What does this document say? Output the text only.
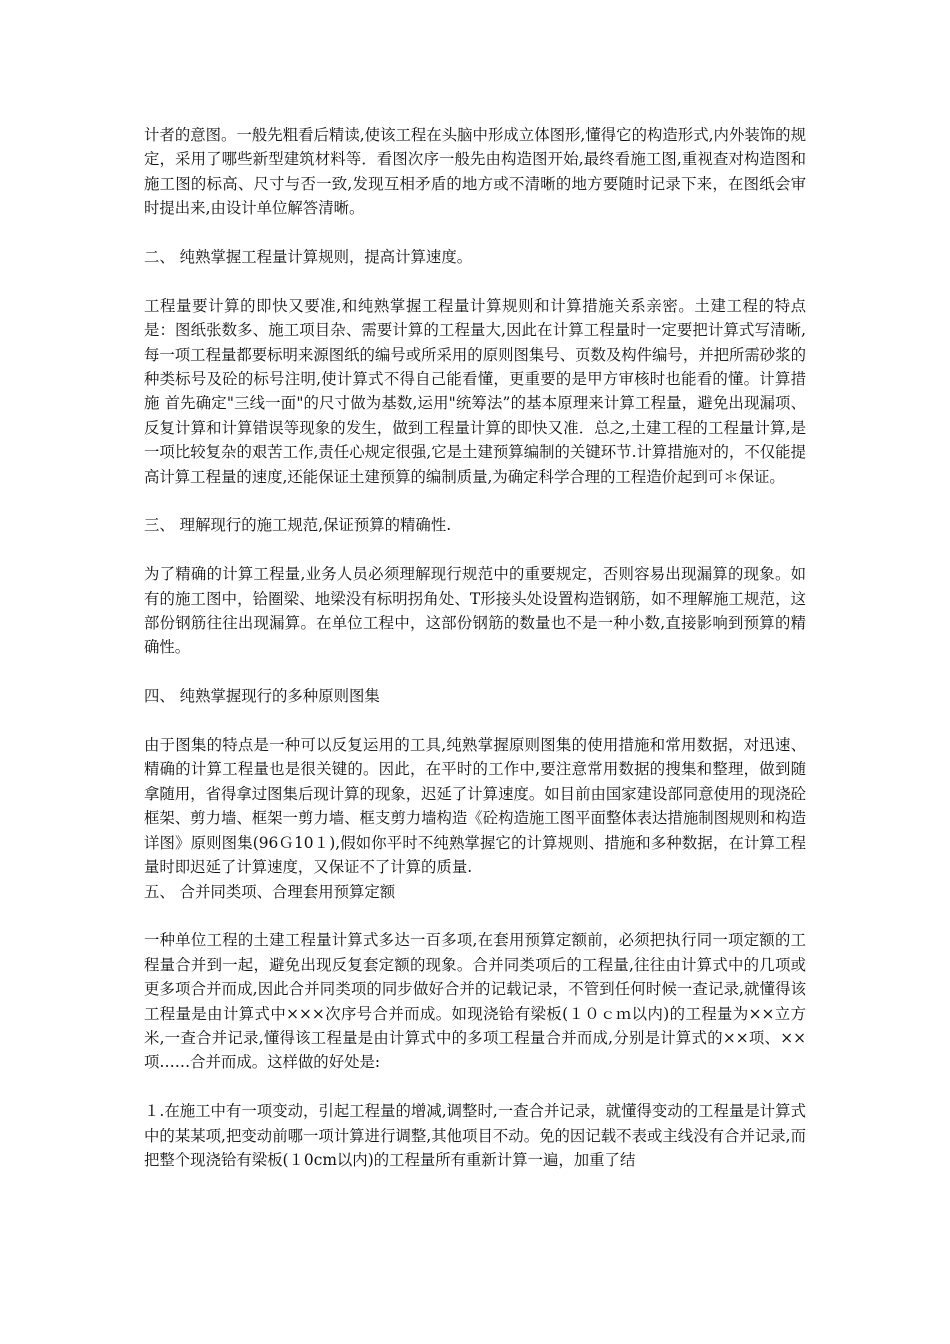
计者的意图。一般先粗看后精读,使该工程在头脑中形成立体图形,懂得它的构造形式,内外装饰的规定，采用了哪些新型建筑材料等．看图次序一般先由构造图开始,最终看施工图,重视查对构造图和施工图的标高、尺寸与否一致,发现互相矛盾的地方或不清晰的地方要随时记录下来，在图纸会审时提出来,由设计单位解答清晰。

二、 纯熟掌握工程量计算规则，提高计算速度。

工程量要计算的即快又要准,和纯熟掌握工程量计算规则和计算措施关系亲密。土建工程的特点是：图纸张数多、施工项目杂、需要计算的工程量大,因此在计算工程量时一定要把计算式写清晰,每一项工程量都要标明来源图纸的编号或所采用的原则图集号、页数及构件编号，并把所需砂浆的种类标号及砼的标号注明,使计算式不得自己能看懂，更重要的是甲方审核时也能看的懂。计算措施 首先确定"三线一面"的尺寸做为基数,运用"统筹法”的基本原理来计算工程量，避免出现漏项、反复计算和计算错误等现象的发生，做到工程量计算的即快又准．总之,土建工程的工程量计算,是一项比较复杂的艰苦工作,责任心规定很强,它是土建预算编制的关键环节.计算措施对的，不仅能提高计算工程量的速度,还能保证土建预算的编制质量,为确定科学合理的工程造价起到可＊保证。

三、 理解现行的施工规范,保证预算的精确性.

为了精确的计算工程量,业务人员必须理解现行规范中的重要规定，否则容易出现漏算的现象。如有的施工图中，铪圈梁、地梁没有标明拐角处、T形接头处设置构造钢筋，如不理解施工规范，这部份钢筋往往出现漏算。在单位工程中，这部份钢筋的数量也不是一种小数,直接影响到预算的精确性。

四、 纯熟掌握现行的多种原则图集

由于图集的特点是一种可以反复运用的工具,纯熟掌握原则图集的使用措施和常用数据，对迅速、精确的计算工程量也是很关键的。因此，在平时的工作中,要注意常用数据的搜集和整理，做到随拿随用，省得拿过图集后现计算的现象，迟延了计算速度。如目前由国家建设部同意使用的现浇砼框架、剪力墙、框架一剪力墙、框支剪力墙构造《砼构造施工图平面整体表达措施制图规则和构造详图》原则图集(96Ｇ10１),假如你平时不纯熟掌握它的计算规则、措施和多种数据，在计算工程量时即迟延了计算速度，又保证不了计算的质量.

五、 合并同类项、合理套用预算定额

一种单位工程的土建工程量计算式多达一百多项,在套用预算定额前，必须把执行同一项定额的工程量合并到一起，避免出现反复套定额的现象。合并同类项后的工程量,往往由计算式中的几项或更多项合并而成,因此合并同类项的同步做好合并的记载记录，不管到任何时候一查记录,就懂得该工程量是由计算式中×××次序号合并而成。如现浇铪有梁板(１０ｃｍ以内)的工程量为××立方米,一查合并记录,懂得该工程量是由计算式中的多项工程量合并而成,分别是计算式的××项、××项……合并而成。这样做的好处是:

１.在施工中有一项变动，引起工程量的增减,调整时,一查合并记录，就懂得变动的工程量是计算式中的某某项,把变动前哪一项计算进行调整,其他项目不动。免的因记载不表或主线没有合并记录,而把整个现浇铪有梁板(１0cm以内)的工程量所有重新计算一遍，加重了结
